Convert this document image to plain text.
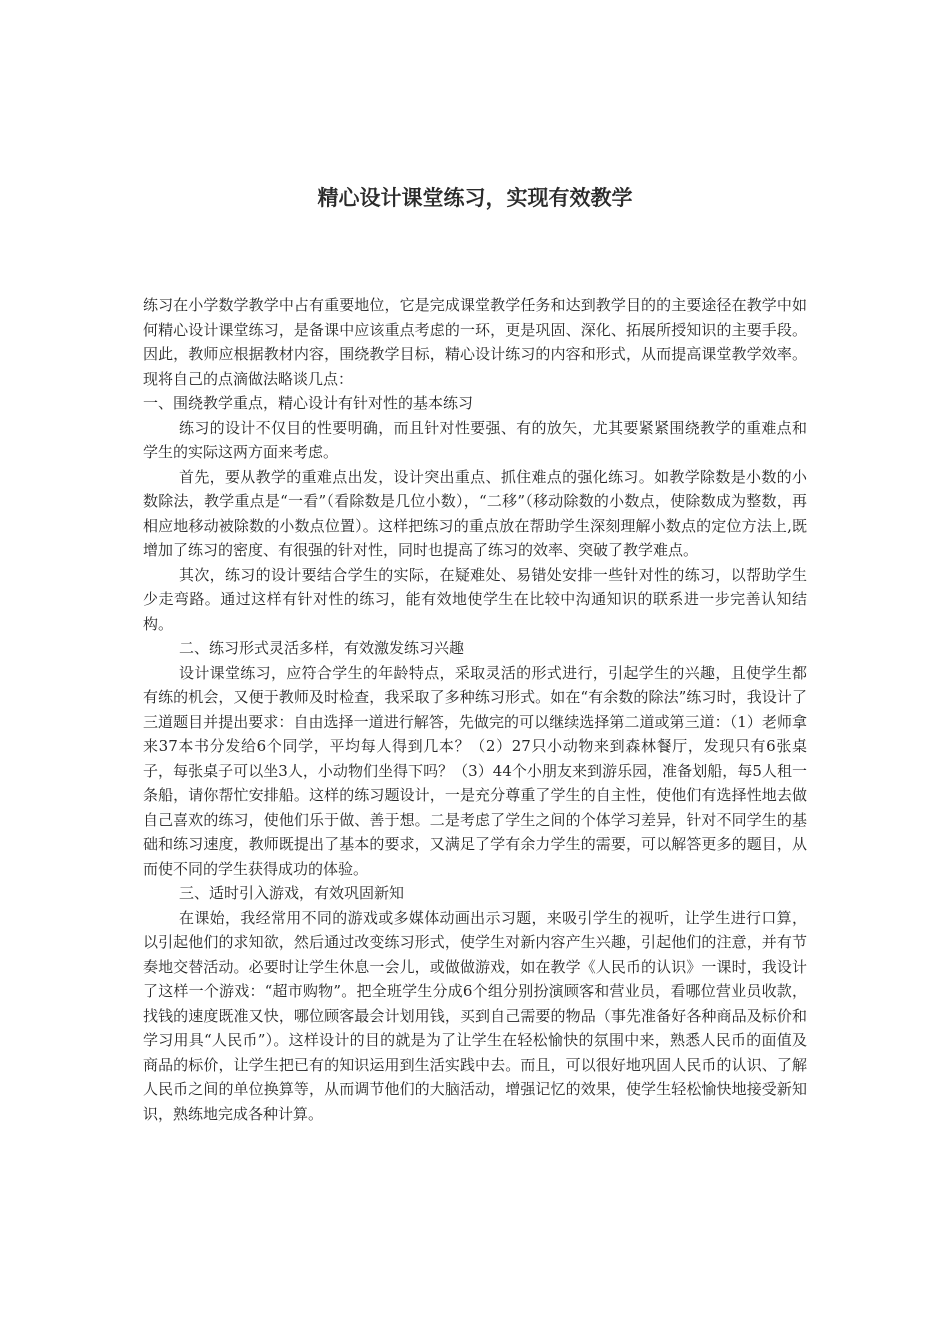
精心设计课堂练习，实现有效教学

练习在小学数学教学中占有重要地位，它是完成课堂教学任务和达到教学目的的主要途径在教学中如何精心设计课堂练习，是备课中应该重点考虑的一环，更是巩固、深化、拓展所授知识的主要手段。因此，教师应根据教材内容，围绕教学目标，精心设计练习的内容和形式，从而提高课堂教学效率。现将自己的点滴做法略谈几点：

一、围绕教学重点，精心设计有针对性的基本练习

练习的设计不仅目的性要明确，而且针对性要强、有的放矢，尤其要紧紧围绕教学的重难点和学生的实际这两方面来考虑。

首先，要从教学的重难点出发，设计突出重点、抓住难点的强化练习。如教学除数是小数的小数除法，教学重点是“一看”（看除数是几位小数），“二移”（移动除数的小数点，使除数成为整数，再相应地移动被除数的小数点位置）。这样把练习的重点放在帮助学生深刻理解小数点的定位方法上,既增加了练习的密度、有很强的针对性，同时也提高了练习的效率、突破了教学难点。

其次，练习的设计要结合学生的实际，在疑难处、易错处安排一些针对性的练习，以帮助学生少走弯路。通过这样有针对性的练习，能有效地使学生在比较中沟通知识的联系进一步完善认知结构。

二、练习形式灵活多样，有效激发练习兴趣

设计课堂练习，应符合学生的年龄特点，采取灵活的形式进行，引起学生的兴趣，且使学生都有练的机会，又便于教师及时检查，我采取了多种练习形式。如在“有余数的除法”练习时，我设计了三道题目并提出要求：自由选择一道进行解答，先做完的可以继续选择第二道或第三道：（1）老师拿来37本书分发给6个同学，平均每人得到几本？（2）27只小动物来到森林餐厅，发现只有6张桌子，每张桌子可以坐3人，小动物们坐得下吗？（3）44个小朋友来到游乐园，准备划船，每5人租一条船，请你帮忙安排船。这样的练习题设计，一是充分尊重了学生的自主性，使他们有选择性地去做自己喜欢的练习，使他们乐于做、善于想。二是考虑了学生之间的个体学习差异，针对不同学生的基础和练习速度，教师既提出了基本的要求，又满足了学有余力学生的需要，可以解答更多的题目，从而使不同的学生获得成功的体验。

三、适时引入游戏，有效巩固新知

在课始，我经常用不同的游戏或多媒体动画出示习题，来吸引学生的视听，让学生进行口算，以引起他们的求知欲，然后通过改变练习形式，使学生对新内容产生兴趣，引起他们的注意，并有节奏地交替活动。必要时让学生休息一会儿，或做做游戏，如在教学《人民币的认识》一课时，我设计了这样一个游戏：“超市购物”。把全班学生分成6个组分别扮演顾客和营业员，看哪位营业员收款，找钱的速度既准又快，哪位顾客最会计划用钱，买到自己需要的物品（事先准备好各种商品及标价和学习用具“人民币”）。这样设计的目的就是为了让学生在轻松愉快的氛围中来，熟悉人民币的面值及商品的标价，让学生把已有的知识运用到生活实践中去。而且，可以很好地巩固人民币的认识、了解人民币之间的单位换算等，从而调节他们的大脑活动，增强记忆的效果，使学生轻松愉快地接受新知识，熟练地完成各种计算。
